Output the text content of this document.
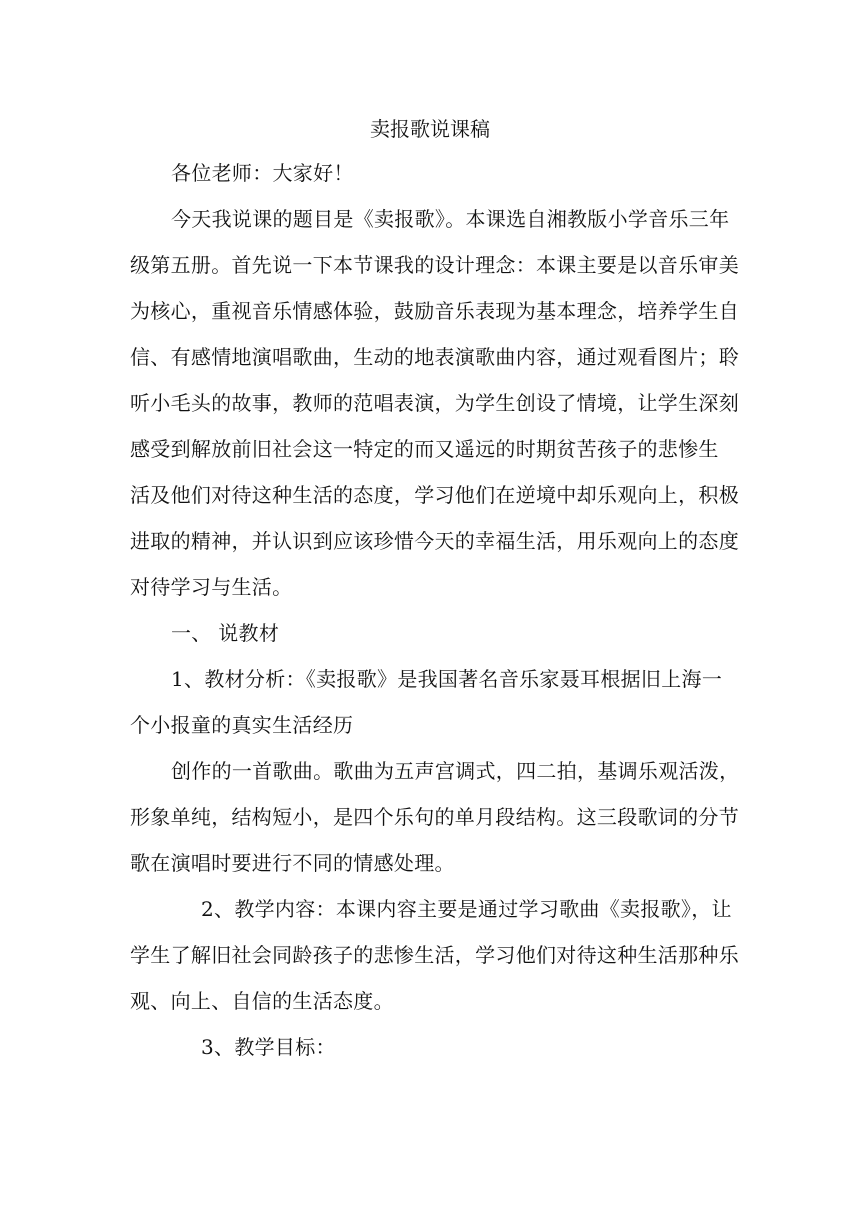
卖报歌说课稿
各位老师：大家好！
今天我说课的题目是《卖报歌》。本课选自湘教版小学音乐三年
级第五册。首先说一下本节课我的设计理念：本课主要是以音乐审美
为核心，重视音乐情感体验，鼓励音乐表现为基本理念，培养学生自
信、有感情地演唱歌曲，生动的地表演歌曲内容，通过观看图片；聆
听小毛头的故事，教师的范唱表演，为学生创设了情境，让学生深刻
感受到解放前旧社会这一特定的而又遥远的时期贫苦孩子的悲惨生
活及他们对待这种生活的态度，学习他们在逆境中却乐观向上，积极
进取的精神，并认识到应该珍惜今天的幸福生活，用乐观向上的态度
对待学习与生活。
一、 说教材
1、教材分析：《卖报歌》是我国著名音乐家聂耳根据旧上海一
个小报童的真实生活经历
创作的一首歌曲。歌曲为五声宫调式，四二拍，基调乐观活泼，
形象单纯，结构短小，是四个乐句的单月段结构。这三段歌词的分节
歌在演唱时要进行不同的情感处理。
2、教学内容：本课内容主要是通过学习歌曲《卖报歌》，让
学生了解旧社会同龄孩子的悲惨生活，学习他们对待这种生活那种乐
观、向上、自信的生活态度。
3、教学目标：
